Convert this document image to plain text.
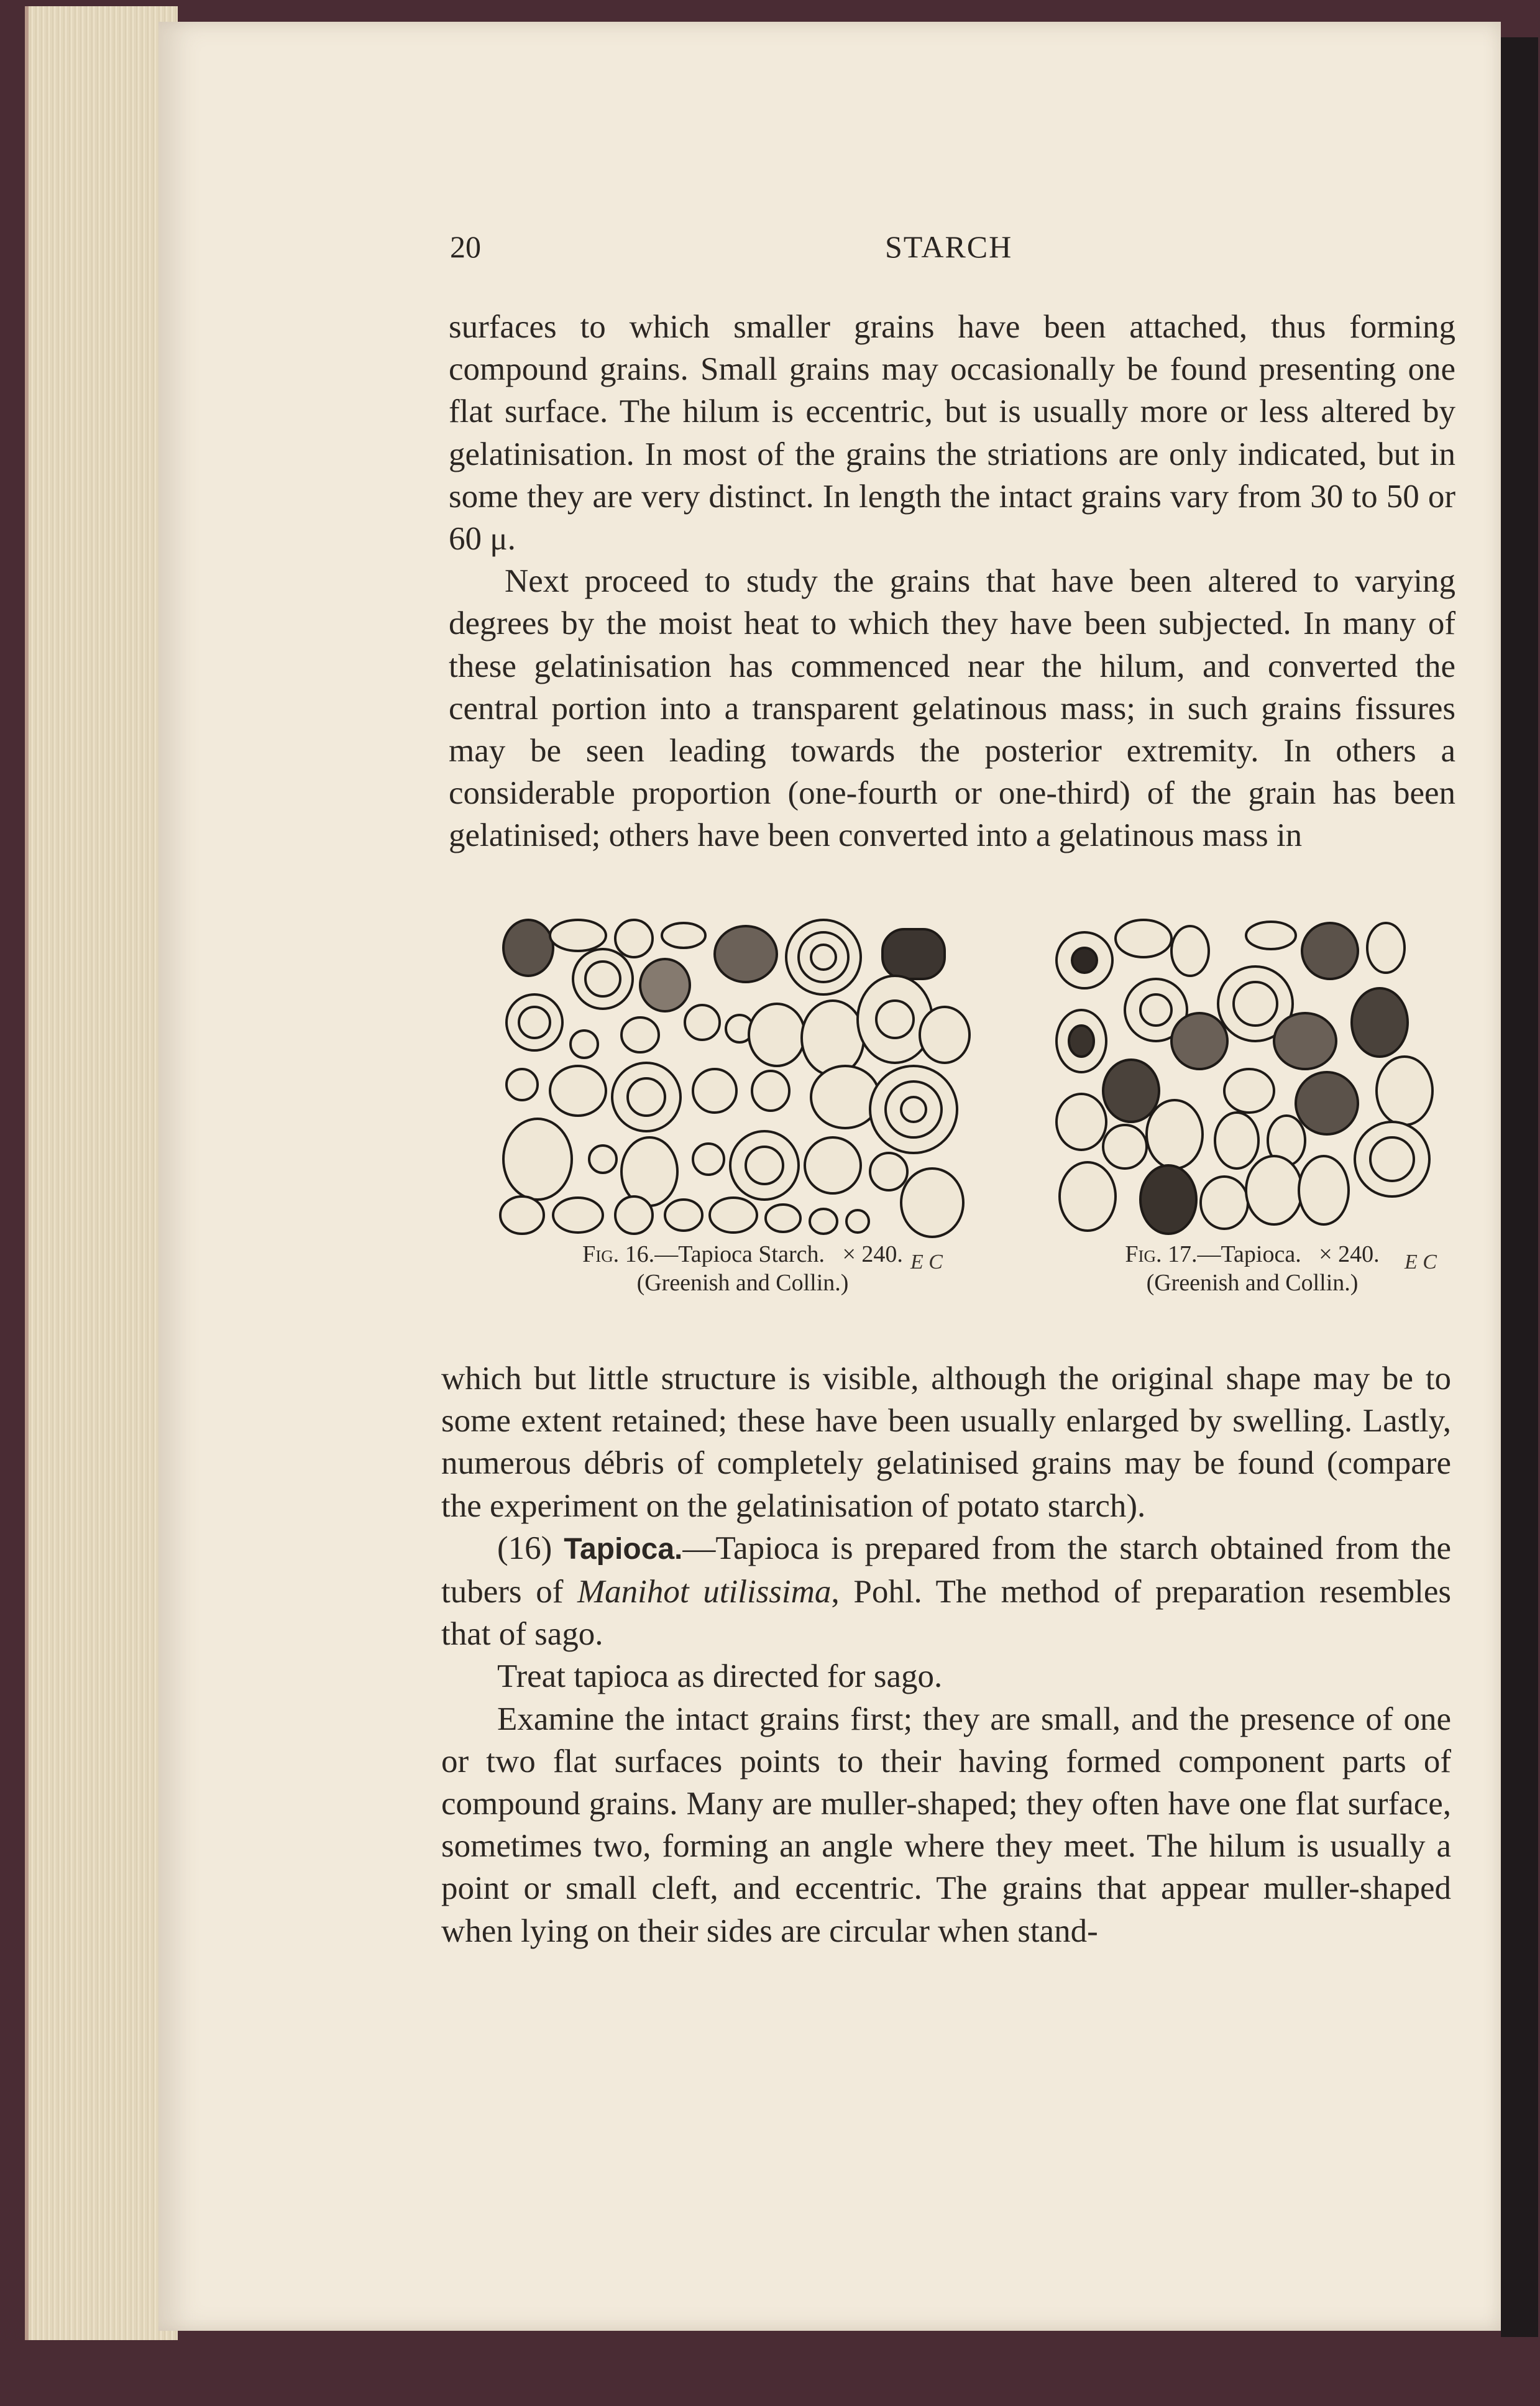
20	STARCH

surfaces to which smaller grains have been attached, thus forming compound grains. Small grains may occasionally be found presenting one flat surface. The hilum is eccentric, but is usually more or less altered by gelatinisation. In most of the grains the striations are only indicated, but in some they are very distinct. In length the intact grains vary from 30 to 50 or 60 μ.

Next proceed to study the grains that have been altered to varying degrees by the moist heat to which they have been subjected. In many of these gelatinisation has commenced near the hilum, and converted the central portion into a transparent gelatinous mass; in such grains fissures may be seen leading towards the posterior extremity. In others a considerable proportion (one-fourth or one-third) of the grain has been gelatinised; others have been converted into a gelatinous mass in

Fig. 16.—Tapioca Starch. × 240.
(Greenish and Collin.)
Fig. 17.—Tapioca. × 240.
(Greenish and Collin.)
E C	E C

which but little structure is visible, although the original shape may be to some extent retained; these have been usually enlarged by swelling. Lastly, numerous débris of completely gelatinised grains may be found (compare the experiment on the gelatinisation of potato starch).

(16) Tapioca.—Tapioca is prepared from the starch obtained from the tubers of Manihot utilissima, Pohl. The method of preparation resembles that of sago.

Treat tapioca as directed for sago.

Examine the intact grains first; they are small, and the presence of one or two flat surfaces points to their having formed component parts of compound grains. Many are muller-shaped; they often have one flat surface, sometimes two, forming an angle where they meet. The hilum is usually a point or small cleft, and eccentric. The grains that appear muller-shaped when lying on their sides are circular when stand-
